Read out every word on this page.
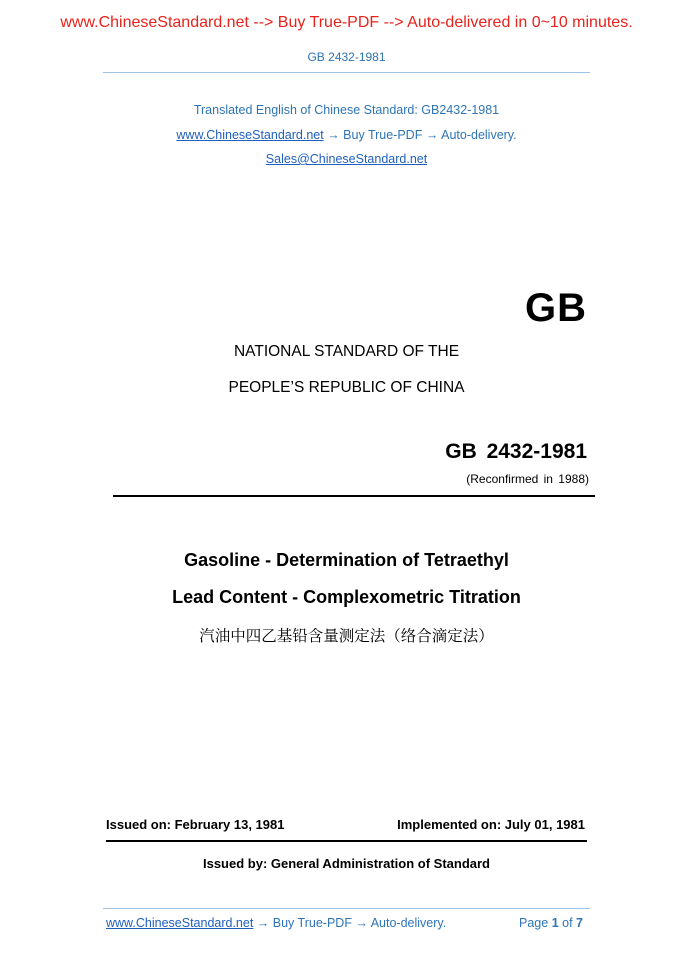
www.ChineseStandard.net --> Buy True-PDF --> Auto-delivered in 0~10 minutes.
GB 2432-1981
Translated English of Chinese Standard: GB2432-1981
www.ChineseStandard.net → Buy True-PDF → Auto-delivery.
Sales@ChineseStandard.net
GB
NATIONAL STANDARD OF THE
PEOPLE’S REPUBLIC OF CHINA
GB 2432-1981
(Reconfirmed in 1988)
Gasoline - Determination of Tetraethyl
Lead Content - Complexometric Titration
汽油中四乙基铅含量测定法（络合滴定法）
Issued on: February 13, 1981	Implemented on: July 01, 1981
Issued by: General Administration of Standard
www.ChineseStandard.net → Buy True-PDF → Auto-delivery.	Page 1 of 7
